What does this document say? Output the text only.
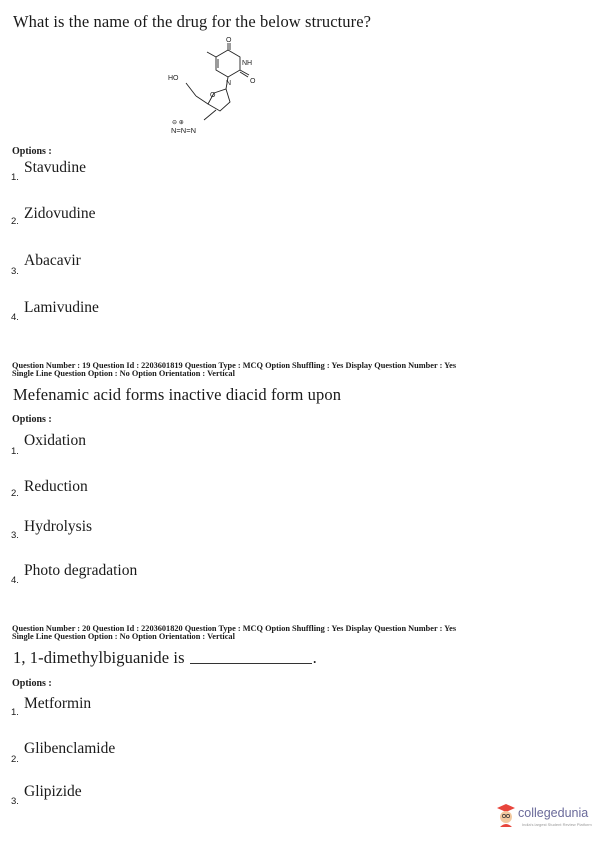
What is the name of the drug for the below structure?
NH
O
O
N
O
HO
⊖ ⊕
N=N=N
Options :
1.
Stavudine
2. Zidovudine
3.
Abacavir
4.
Lamivudine
Question Number : 19 Question Id : 2203601819 Question Type : MCQ Option Shuffling : Yes Display Question Number : Yes
Single Line Question Option : No Option Orientation : Vertical
Mefenamic acid forms inactive diacid form upon
Options :
1.
Oxidation
2. Reduction
3.
Hydrolysis
4.
Photo degradation
Question Number : 20 Question Id : 2203601820 Question Type : MCQ Option Shuffling : Yes Display Question Number : Yes
Single Line Question Option : No Option Orientation : Vertical
1, 1-dimethylbiguanide is	.
Options :
1.
Metformin
2.
Glibenclamide
3.
Glipizide
collegedunia
India's largest Student Review Platform
